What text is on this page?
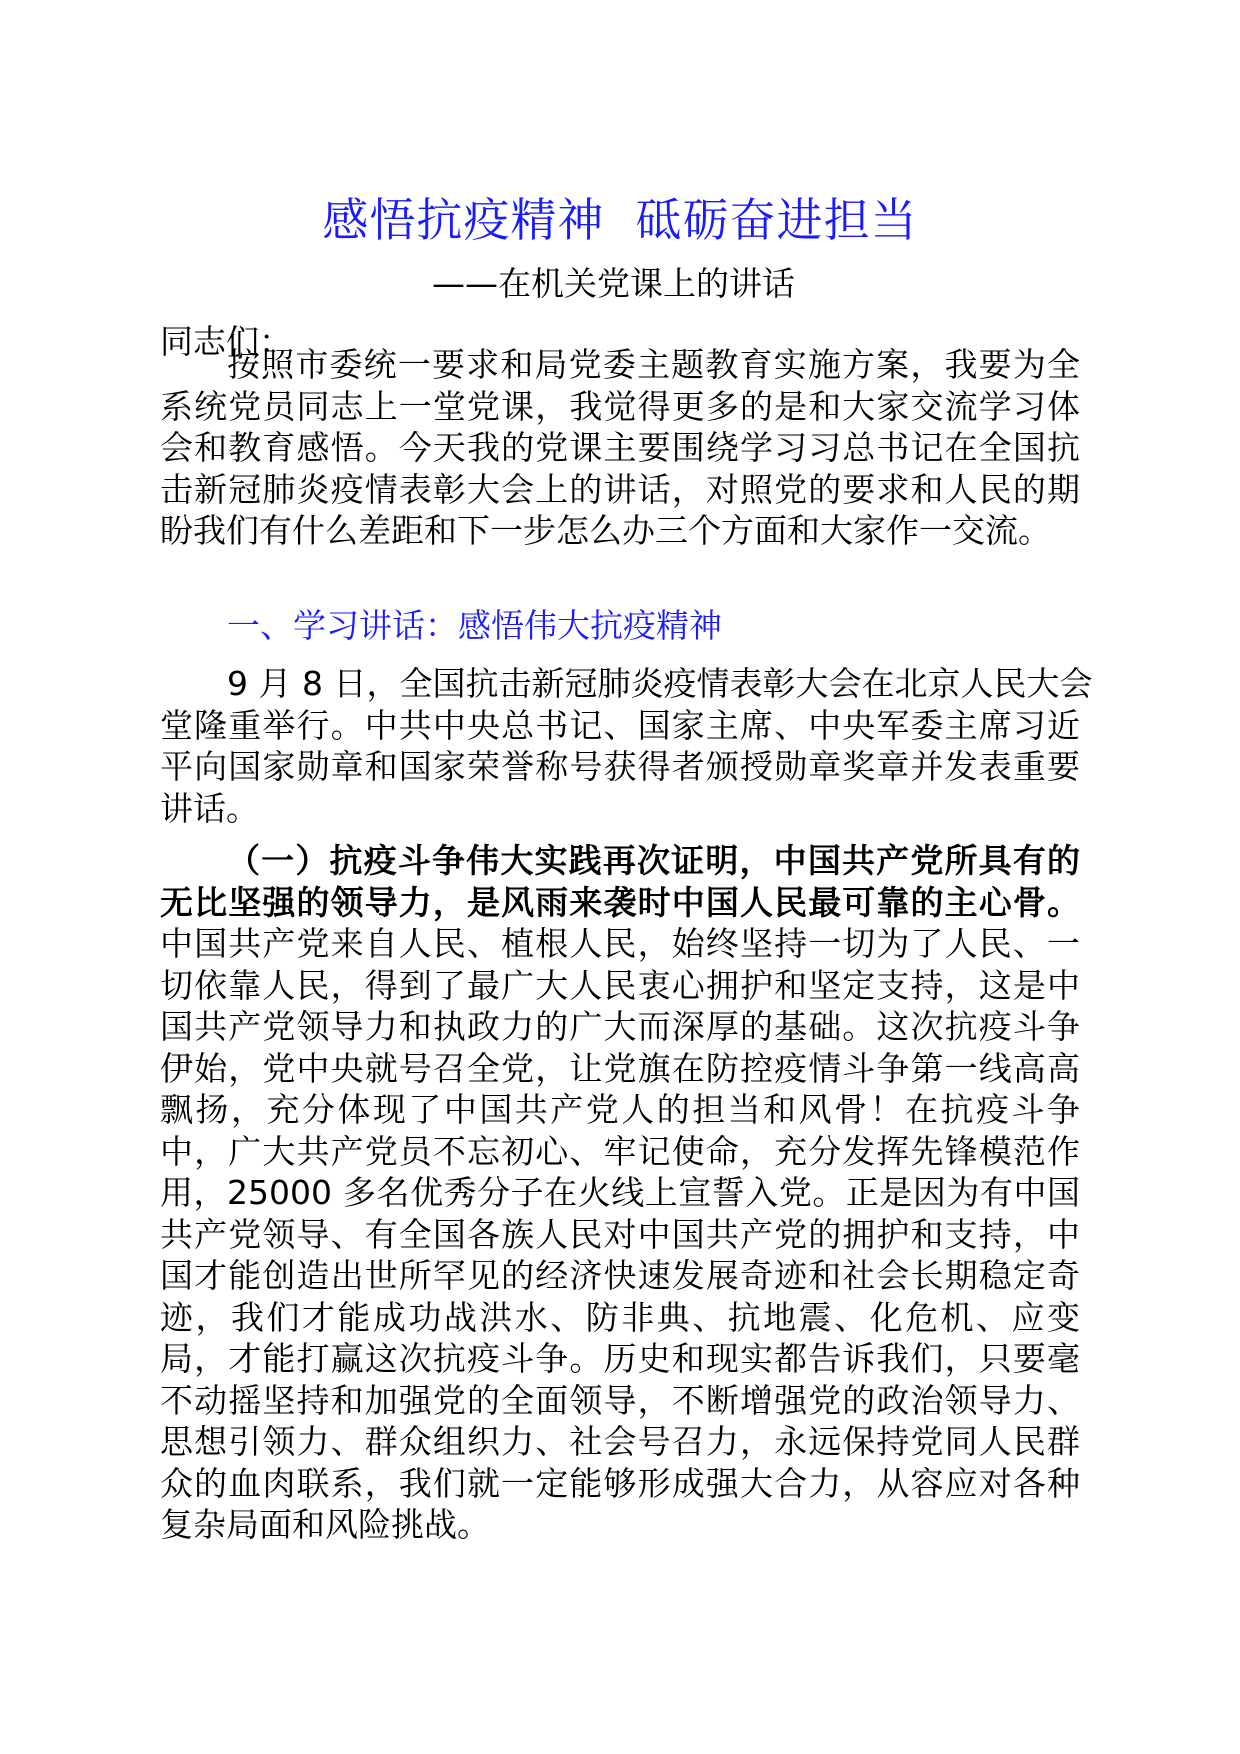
感悟抗疫精神  砥砺奋进担当

——在机关党课上的讲话

同志们：

按照市委统一要求和局党委主题教育实施方案，我要为全
系统党员同志上一堂党课，我觉得更多的是和大家交流学习体
会和教育感悟。今天我的党课主要围绕学习习总书记在全国抗
击新冠肺炎疫情表彰大会上的讲话，对照党的要求和人民的期
盼我们有什么差距和下一步怎么办三个方面和大家作一交流。

一、学习讲话：感悟伟大抗疫精神

9 月 8 日，全国抗击新冠肺炎疫情表彰大会在北京人民大会
堂隆重举行。中共中央总书记、国家主席、中央军委主席习近
平向国家勋章和国家荣誉称号获得者颁授勋章奖章并发表重要
讲话。
（一）抗疫斗争伟大实践再次证明，中国共产党所具有的
无比坚强的领导力，是风雨来袭时中国人民最可靠的主心骨。
中国共产党来自人民、植根人民，始终坚持一切为了人民、一
切依靠人民，得到了最广大人民衷心拥护和坚定支持，这是中
国共产党领导力和执政力的广大而深厚的基础。这次抗疫斗争
伊始，党中央就号召全党，让党旗在防控疫情斗争第一线高高
飘扬，充分体现了中国共产党人的担当和风骨！在抗疫斗争
中，广大共产党员不忘初心、牢记使命，充分发挥先锋模范作
用，25000 多名优秀分子在火线上宣誓入党。正是因为有中国
共产党领导、有全国各族人民对中国共产党的拥护和支持，中
国才能创造出世所罕见的经济快速发展奇迹和社会长期稳定奇
迹，我们才能成功战洪水、防非典、抗地震、化危机、应变
局，才能打赢这次抗疫斗争。历史和现实都告诉我们，只要毫
不动摇坚持和加强党的全面领导，不断增强党的政治领导力、
思想引领力、群众组织力、社会号召力，永远保持党同人民群
众的血肉联系，我们就一定能够形成强大合力，从容应对各种
复杂局面和风险挑战。
